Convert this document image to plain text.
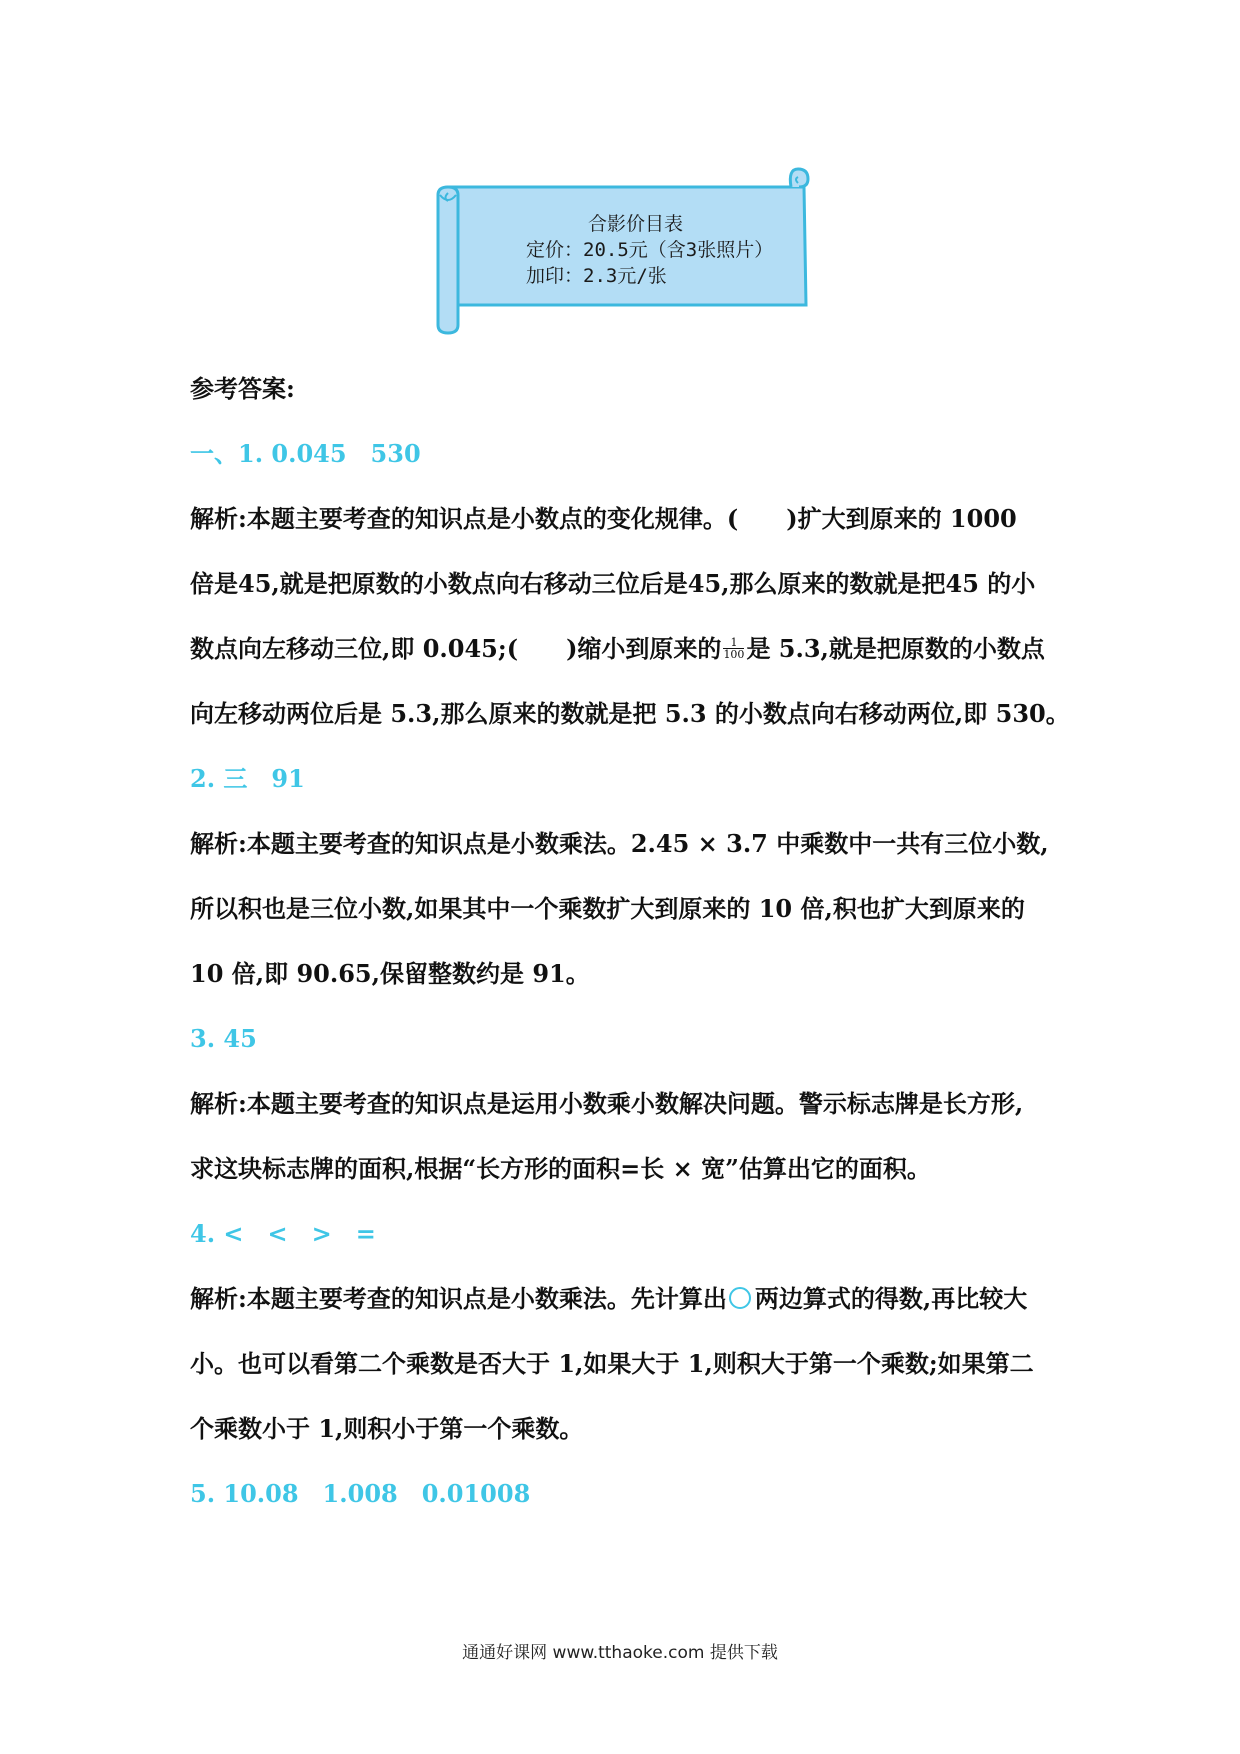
合影价目表
定价：20.5元（含3张照片）
加印：2.3元/张
参考答案:
一、1. 0.045　530
解析:本题主要考查的知识点是小数点的变化规律。(　　)扩大到原来的 1000
倍是45,就是把原数的小数点向右移动三位后是45,那么原来的数就是把45 的小
数点向左移动三位,即 0.045;(　　)缩小到原来的 $\frac{1}{100}$ 是 5.3,就是把原数的小数点
向左移动两位后是 5.3,那么原来的数就是把 5.3 的小数点向右移动两位,即 530。
2. 三　91
解析:本题主要考查的知识点是小数乘法。2.45 × 3.7 中乘数中一共有三位小数,
所以积也是三位小数,如果其中一个乘数扩大到原来的 10 倍,积也扩大到原来的
10 倍,即 90.65,保留整数约是 91。
3. 45
解析:本题主要考查的知识点是运用小数乘小数解决问题。警示标志牌是长方形,
求这块标志牌的面积,根据“长方形的面积=长 × 宽”估算出它的面积。
4. <　<　>　=
解析:本题主要考查的知识点是小数乘法。先计算出 两边算式的得数,再比较大
小。也可以看第二个乘数是否大于 1,如果大于 1,则积大于第一个乘数;如果第二
个乘数小于 1,则积小于第一个乘数。
5. 10.08　1.008　0.01008
通通好课网 www.tthaoke.com 提供下载
